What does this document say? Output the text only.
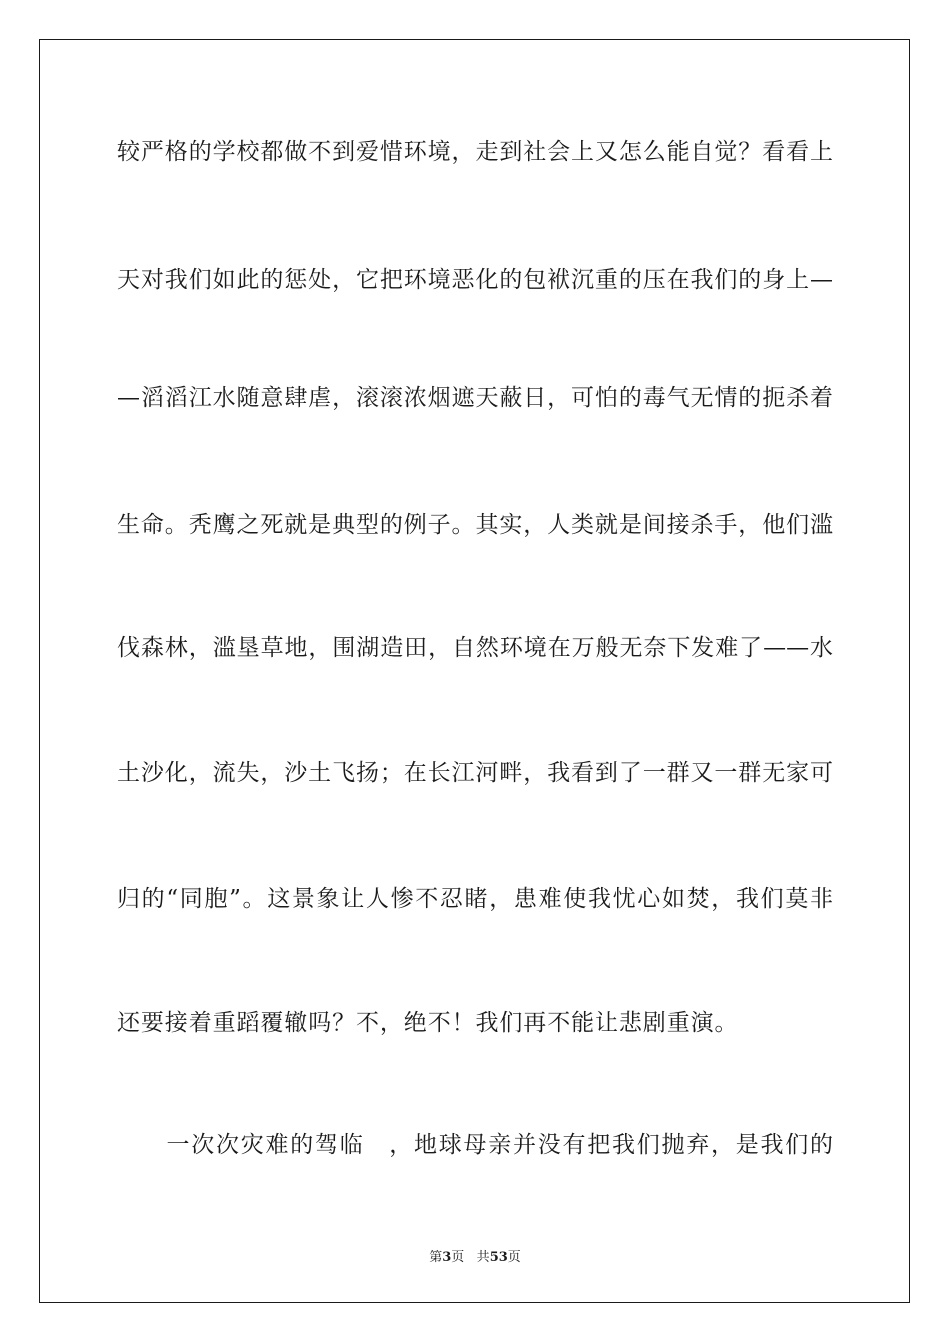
较严格的学校都做不到爱惜环境，走到社会上又怎么能自觉？看看上
天对我们如此的惩处，它把环境恶化的包袱沉重的压在我们的身上—
—滔滔江水随意肆虐，滚滚浓烟遮天蔽日，可怕的毒气无情的扼杀着
生命。秃鹰之死就是典型的例子。其实，人类就是间接杀手，他们滥
伐森林，滥垦草地，围湖造田，自然环境在万般无奈下发难了——水
土沙化，流失，沙土飞扬；在长江河畔，我看到了一群又一群无家可
归的“同胞”。这景象让人惨不忍睹，患难使我忧心如焚，我们莫非
还要接着重蹈覆辙吗？不，绝不！我们再不能让悲剧重演。
　　一次次灾难的驾临　，地球母亲并没有把我们抛弃，是我们的
第3页 共53页
